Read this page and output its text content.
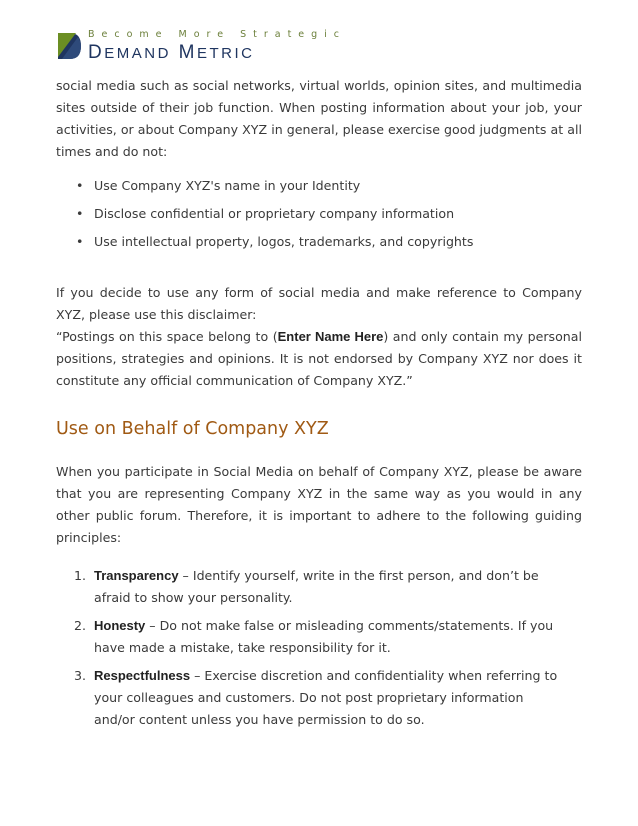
Become More Strategic
DEMAND METRIC

social media such as social networks, virtual worlds, opinion sites, and multimedia sites outside of their job function. When posting information about your job, your activities, or about Company XYZ in general, please exercise good judgments at all times and do not:

• Use Company XYZ's name in your Identity
• Disclose confidential or proprietary company information
• Use intellectual property, logos, trademarks, and copyrights

If you decide to use any form of social media and make reference to Company XYZ, please use this disclaimer:

“Postings on this space belong to (Enter Name Here) and only contain my personal positions, strategies and opinions. It is not endorsed by Company XYZ nor does it constitute any official communication of Company XYZ.”

Use on Behalf of Company XYZ

When you participate in Social Media on behalf of Company XYZ, please be aware that you are representing Company XYZ in the same way as you would in any other public forum. Therefore, it is important to adhere to the following guiding principles:

1. Transparency – Identify yourself, write in the first person, and don’t be afraid to show your personality.
2. Honesty – Do not make false or misleading comments/statements. If you have made a mistake, take responsibility for it.
3. Respectfulness – Exercise discretion and confidentiality when referring to your colleagues and customers. Do not post proprietary information and/or content unless you have permission to do so.
